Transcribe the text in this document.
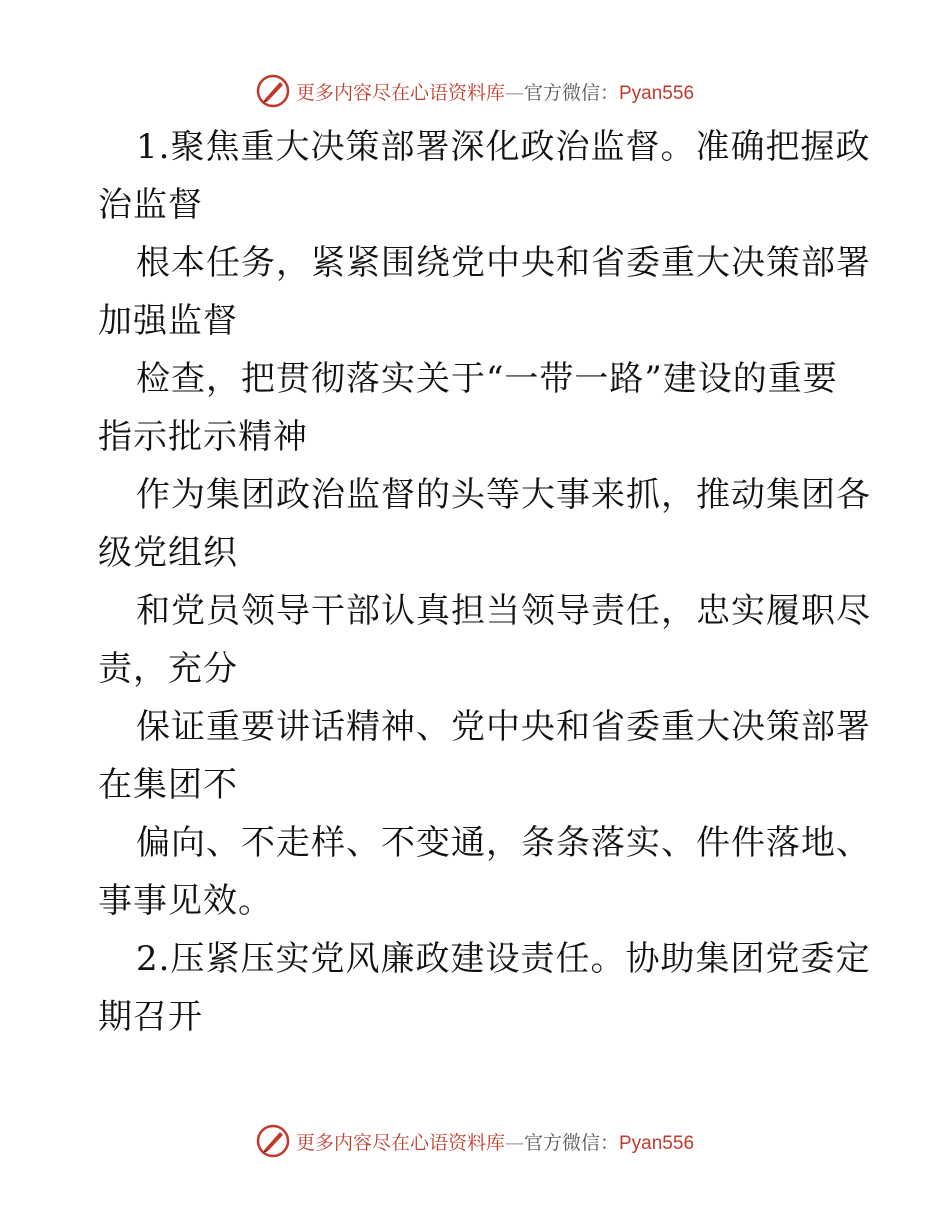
更多内容尽在心语资料库—官方微信：Pyan556
1.聚焦重大决策部署深化政治监督。准确把握政
治监督
根本任务，紧紧围绕党中央和省委重大决策部署
加强监督
检查，把贯彻落实关于“一带一路”建设的重要
指示批示精神
作为集团政治监督的头等大事来抓，推动集团各
级党组织
和党员领导干部认真担当领导责任，忠实履职尽
责，充分
保证重要讲话精神、党中央和省委重大决策部署
在集团不
偏向、不走样、不变通，条条落实、件件落地、
事事见效。
2.压紧压实党风廉政建设责任。协助集团党委定
期召开
更多内容尽在心语资料库—官方微信：Pyan556
